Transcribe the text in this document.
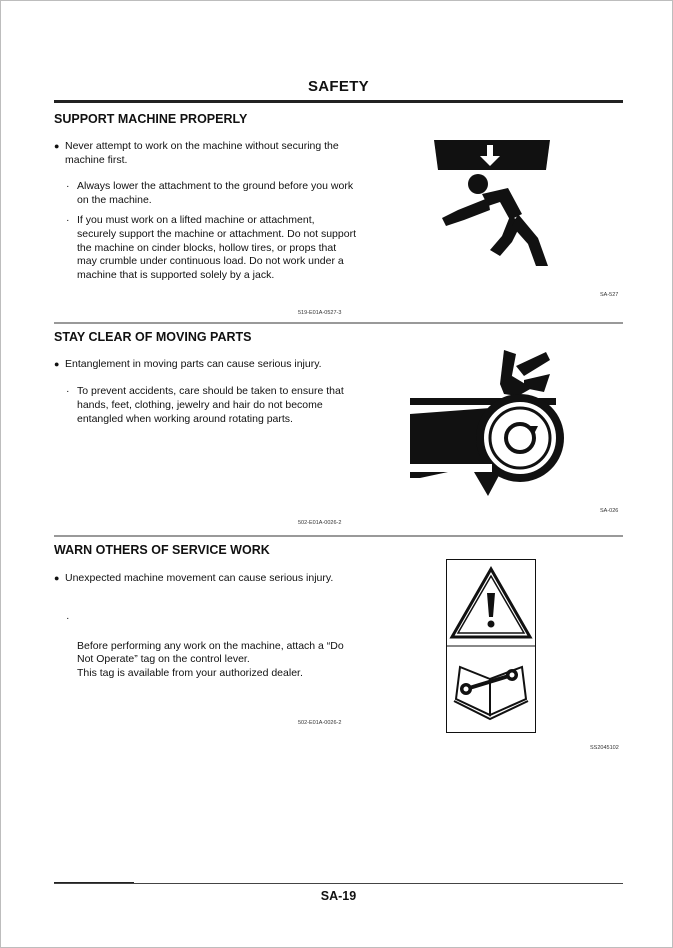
SAFETY
SUPPORT MACHINE PROPERLY
● Never attempt to work on the machine without securing the machine first.
· Always lower the attachment to the ground before you work on the machine.
· If you must work on a lifted machine or attachment, securely support the machine or attachment. Do not support the machine on cinder blocks, hollow tires, or props that may crumble under continuous load. Do not work under a machine that is supported solely by a jack.
519-E01A-0527-3
SA-527
STAY CLEAR OF MOVING PARTS
● Entanglement in moving parts can cause serious injury.
· To prevent accidents, care should be taken to ensure that hands, feet, clothing, jewelry and hair do not become entangled when working around rotating parts.
502-E01A-0026-2
SA-026
WARN OTHERS OF SERVICE WORK
● Unexpected machine movement can cause serious injury.

·

Before performing any work on the machine, attach a “Do Not Operate” tag on the control lever.
This tag is available from your authorized dealer.

502-E01A-0026-2
SS2045102
SA-19
